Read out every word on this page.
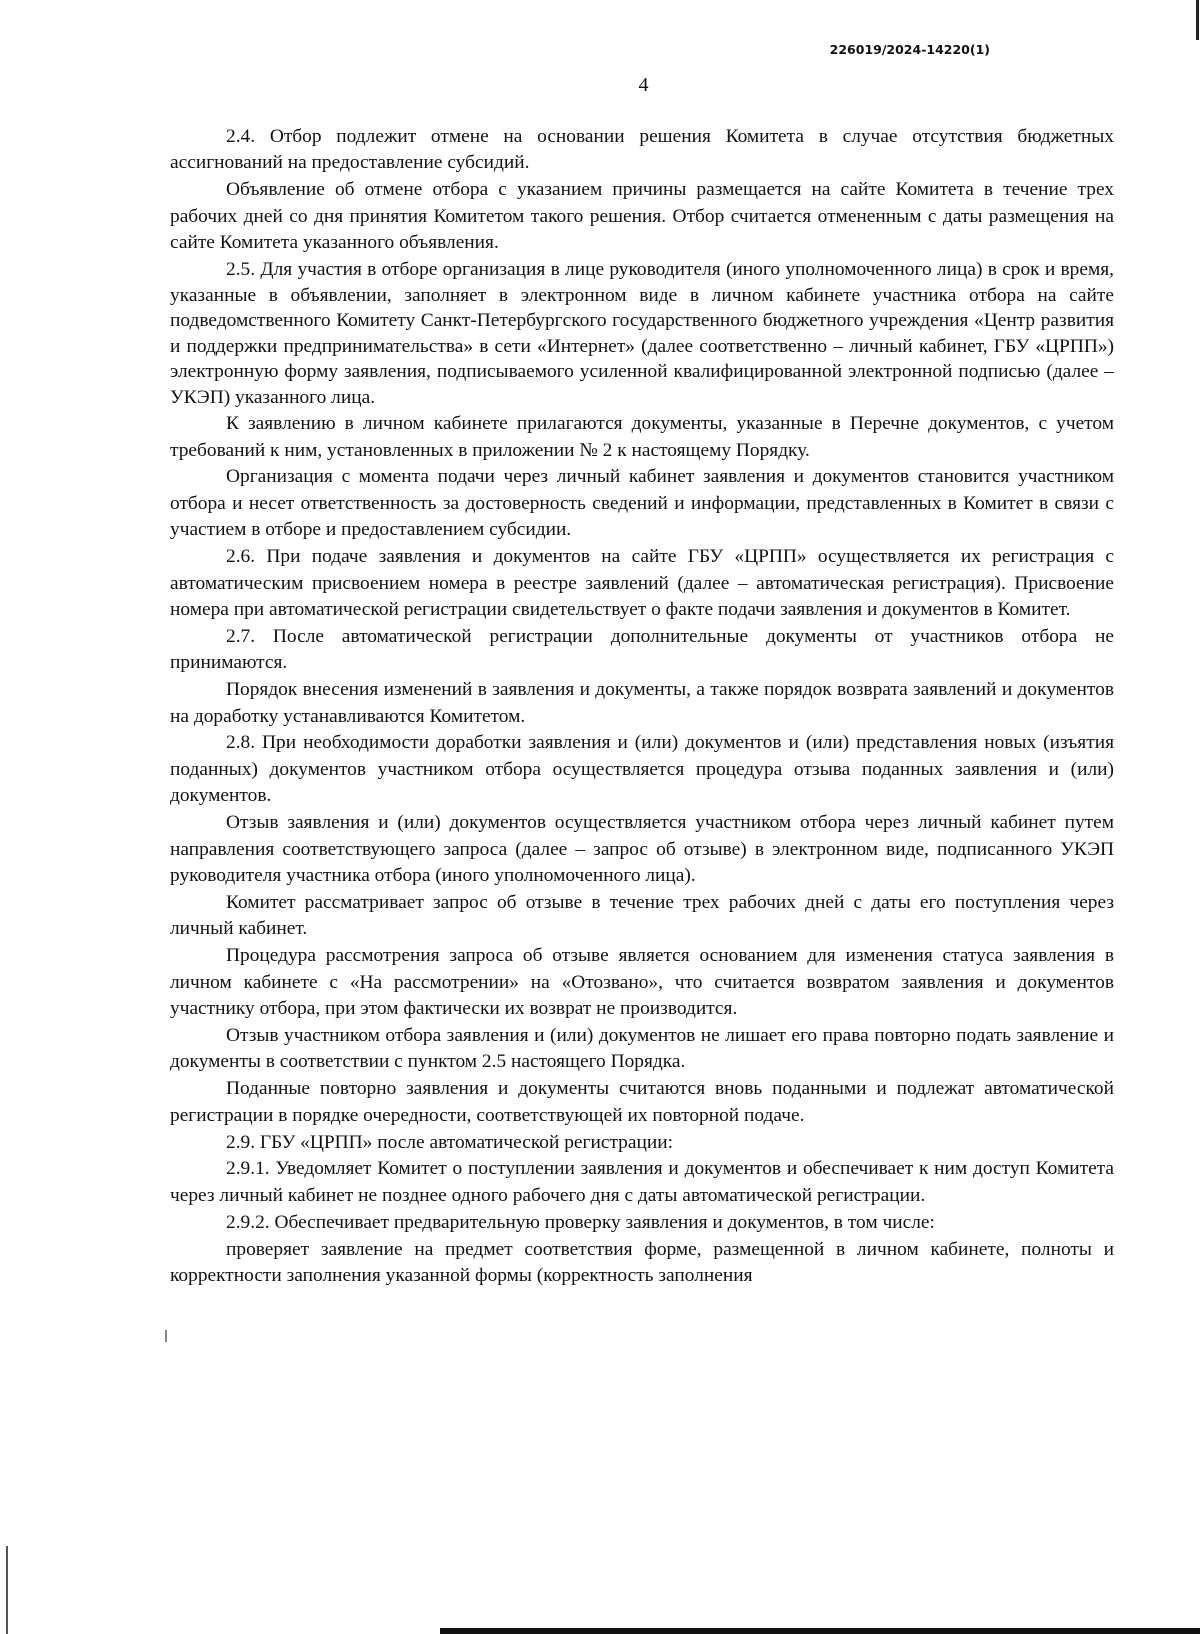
226019/2024-14220(1)
4

2.4. Отбор подлежит отмене на основании решения Комитета в случае отсутствия бюджетных ассигнований на предоставление субсидий.

Объявление об отмене отбора с указанием причины размещается на сайте Комитета в течение трех рабочих дней со дня принятия Комитетом такого решения. Отбор считается отмененным с даты размещения на сайте Комитета указанного объявления.

2.5. Для участия в отборе организация в лице руководителя (иного уполномоченного лица) в срок и время, указанные в объявлении, заполняет в электронном виде в личном кабинете участника отбора на сайте подведомственного Комитету Санкт-Петербургского государственного бюджетного учреждения «Центр развития и поддержки предпринимательства» в сети «Интернет» (далее соответственно – личный кабинет, ГБУ «ЦРПП») электронную форму заявления, подписываемого усиленной квалифицированной электронной подписью (далее – УКЭП) указанного лица.

К заявлению в личном кабинете прилагаются документы, указанные в Перечне документов, с учетом требований к ним, установленных в приложении № 2 к настоящему Порядку.

Организация с момента подачи через личный кабинет заявления и документов становится участником отбора и несет ответственность за достоверность сведений и информации, представленных в Комитет в связи с участием в отборе и предоставлением субсидии.

2.6. При подаче заявления и документов на сайте ГБУ «ЦРПП» осуществляется их регистрация с автоматическим присвоением номера в реестре заявлений (далее – автоматическая регистрация). Присвоение номера при автоматической регистрации свидетельствует о факте подачи заявления и документов в Комитет.

2.7. После автоматической регистрации дополнительные документы от участников отбора не принимаются.

Порядок внесения изменений в заявления и документы, а также порядок возврата заявлений и документов на доработку устанавливаются Комитетом.

2.8. При необходимости доработки заявления и (или) документов и (или) представления новых (изъятия поданных) документов участником отбора осуществляется процедура отзыва поданных заявления и (или) документов.

Отзыв заявления и (или) документов осуществляется участником отбора через личный кабинет путем направления соответствующего запроса (далее – запрос об отзыве) в электронном виде, подписанного УКЭП руководителя участника отбора (иного уполномоченного лица).

Комитет рассматривает запрос об отзыве в течение трех рабочих дней с даты его поступления через личный кабинет.

Процедура рассмотрения запроса об отзыве является основанием для изменения статуса заявления в личном кабинете с «На рассмотрении» на «Отозвано», что считается возвратом заявления и документов участнику отбора, при этом фактически их возврат не производится.

Отзыв участником отбора заявления и (или) документов не лишает его права повторно подать заявление и документы в соответствии с пунктом 2.5 настоящего Порядка.

Поданные повторно заявления и документы считаются вновь поданными и подлежат автоматической регистрации в порядке очередности, соответствующей их повторной подаче.

2.9. ГБУ «ЦРПП» после автоматической регистрации:

2.9.1. Уведомляет Комитет о поступлении заявления и документов и обеспечивает к ним доступ Комитета через личный кабинет не позднее одного рабочего дня с даты автоматической регистрации.

2.9.2. Обеспечивает предварительную проверку заявления и документов, в том числе:

проверяет заявление на предмет соответствия форме, размещенной в личном кабинете, полноты и корректности заполнения указанной формы (корректность заполнения
